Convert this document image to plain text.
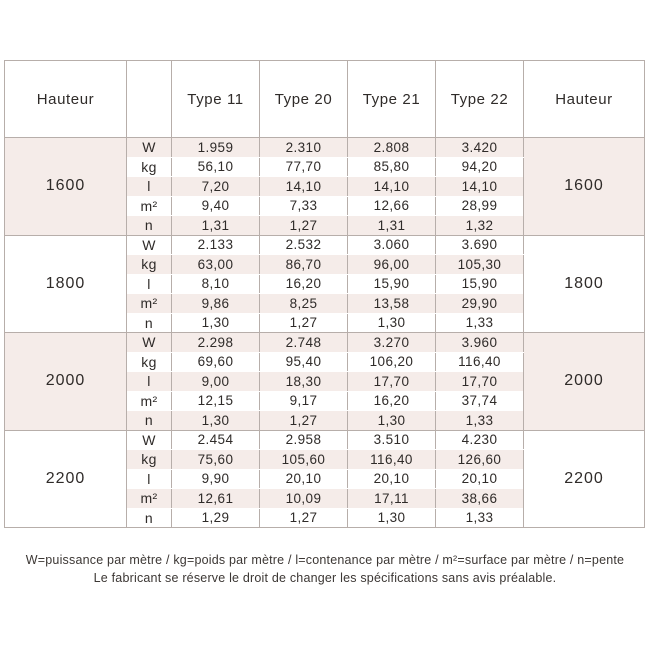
Hauteur		Type 11	Type 20	Type 21	Type 22	Hauteur
1600	W	1.959	2.310	2.808	3.420	1600
	kg	56,10	77,70	85,80	94,20	
	l	7,20	14,10	14,10	14,10	
	m²	9,40	7,33	12,66	28,99	
	n	1,31	1,27	1,31	1,32	
1800	W	2.133	2.532	3.060	3.690	1800
	kg	63,00	86,70	96,00	105,30	
	l	8,10	16,20	15,90	15,90	
	m²	9,86	8,25	13,58	29,90	
	n	1,30	1,27	1,30	1,33	
2000	W	2.298	2.748	3.270	3.960	2000
	kg	69,60	95,40	106,20	116,40	
	l	9,00	18,30	17,70	17,70	
	m²	12,15	9,17	16,20	37,74	
	n	1,30	1,27	1,30	1,33	
2200	W	2.454	2.958	3.510	4.230	2200
	kg	75,60	105,60	116,40	126,60	
	l	9,90	20,10	20,10	20,10	
	m²	12,61	10,09	17,11	38,66	
	n	1,29	1,27	1,30	1,33	
W=puissance par mètre / kg=poids par mètre / l=contenance par mètre / m²=surface par mètre / n=pente
Le fabricant se réserve le droit de changer les spécifications sans avis préalable.
